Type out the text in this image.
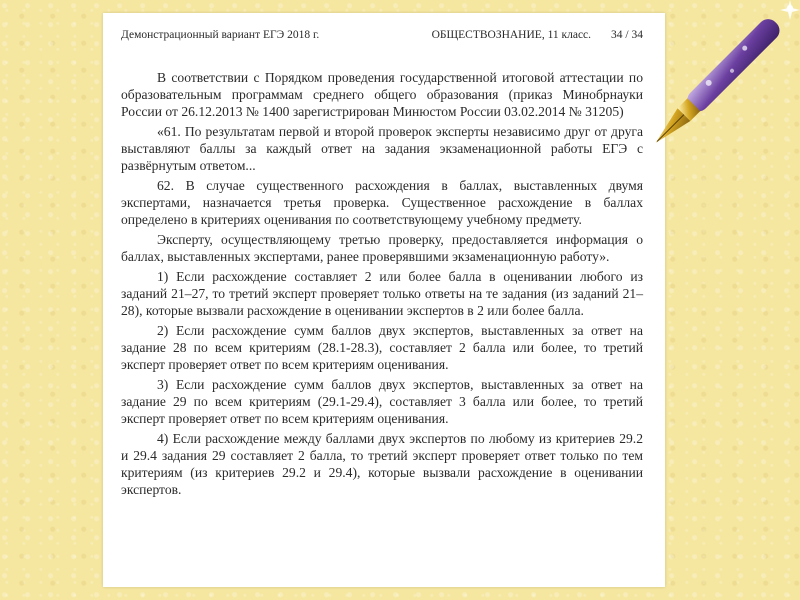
Демонстрационный вариант ЕГЭ 2018 г.	ОБЩЕСТВОЗНАНИЕ, 11 класс. 34 / 34

В соответствии с Порядком проведения государственной итоговой аттестации по образовательным программам среднего общего образования (приказ Минобрнауки России от 26.12.2013 № 1400 зарегистрирован Минюстом России 03.02.2014 № 31205)

«61. По результатам первой и второй проверок эксперты независимо друг от друга выставляют баллы за каждый ответ на задания экзаменационной работы ЕГЭ с развёрнутым ответом...

62. В случае существенного расхождения в баллах, выставленных двумя экспертами, назначается третья проверка. Существенное расхождение в баллах определено в критериях оценивания по соответствующему учебному предмету.

Эксперту, осуществляющему третью проверку, предоставляется информация о баллах, выставленных экспертами, ранее проверявшими экзаменационную работу».

1) Если расхождение составляет 2 или более балла в оценивании любого из заданий 21–27, то третий эксперт проверяет только ответы на те задания (из заданий 21–28), которые вызвали расхождение в оценивании экспертов в 2 или более балла.

2) Если расхождение сумм баллов двух экспертов, выставленных за ответ на задание 28 по всем критериям (28.1-28.3), составляет 2 балла или более, то третий эксперт проверяет ответ по всем критериям оценивания.

3) Если расхождение сумм баллов двух экспертов, выставленных за ответ на задание 29 по всем критериям (29.1-29.4), составляет 3 балла или более, то третий эксперт проверяет ответ по всем критериям оценивания.

4) Если расхождение между баллами двух экспертов по любому из критериев 29.2 и 29.4 задания 29 составляет 2 балла, то третий эксперт проверяет ответ только по тем критериям (из критериев 29.2 и 29.4), которые вызвали расхождение в оценивании экспертов.
